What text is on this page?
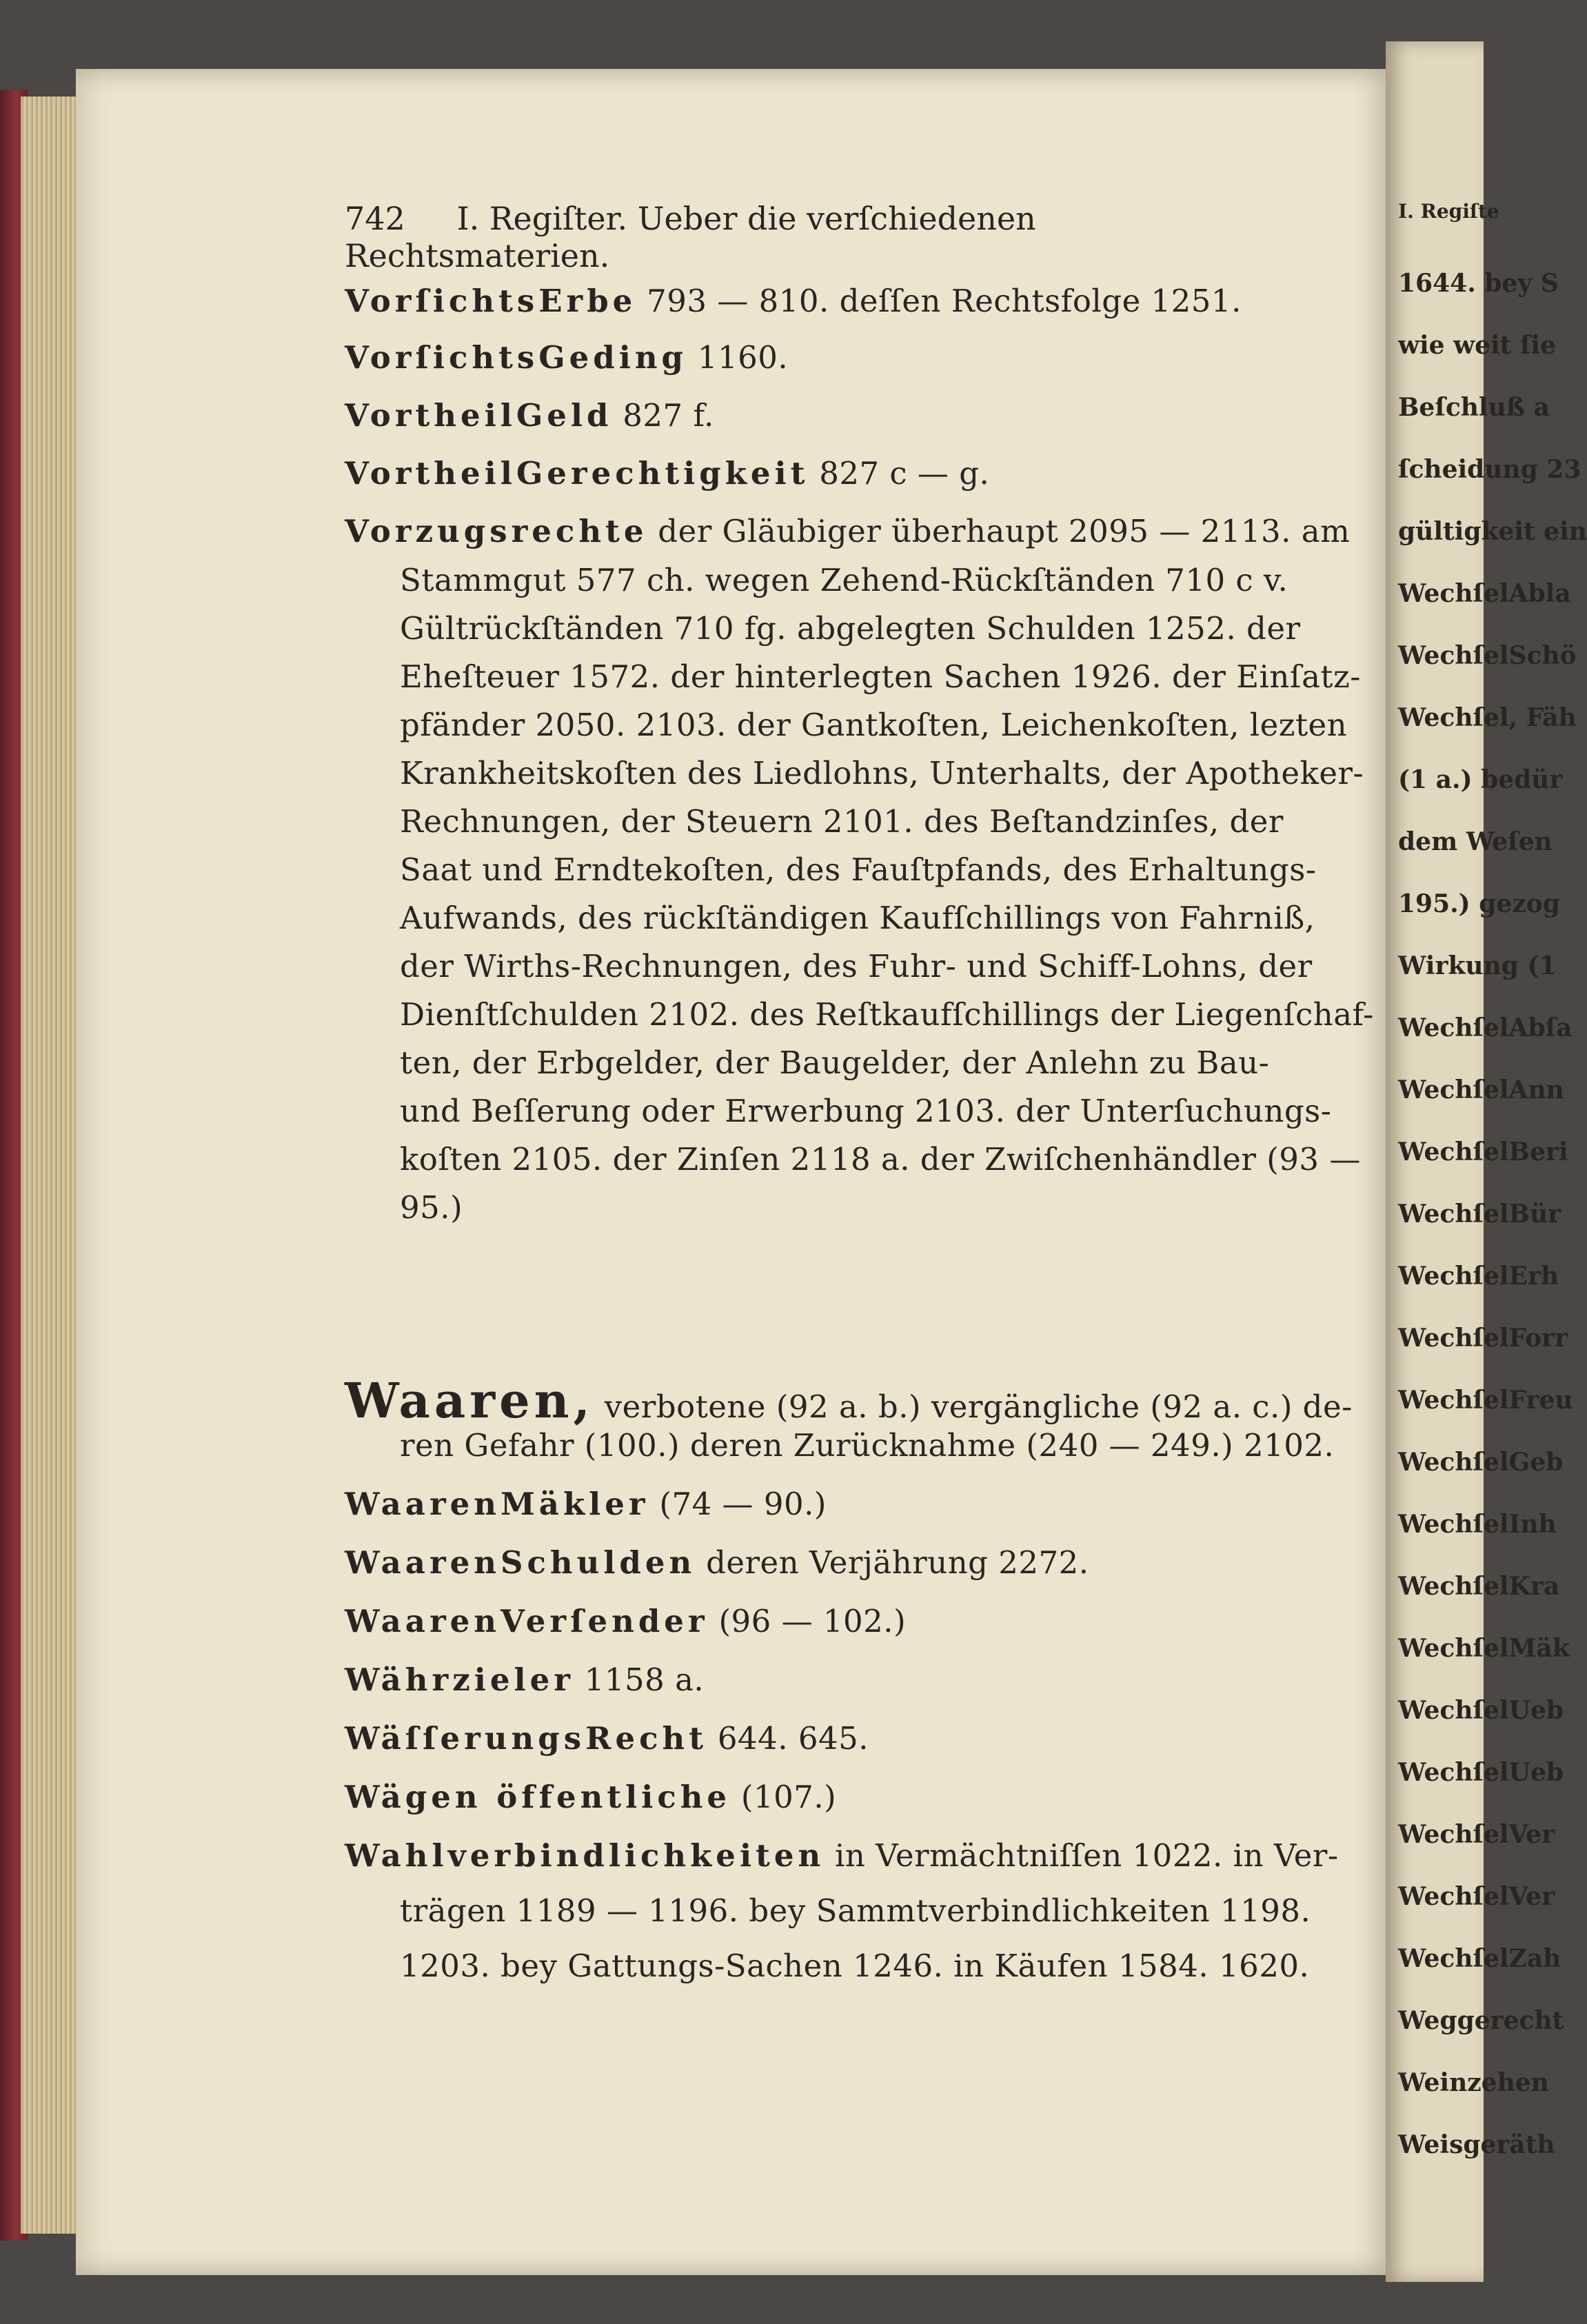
742 I. Regiſter. Ueber die verſchiedenen Rechtsmaterien.
VorſichtsErbe 793 — 810. deſſen Rechtsfolge 1251.
VorſichtsGeding 1160.
VortheilGeld 827 f.
VortheilGerechtigkeit 827 c — g.
Vorzugsrechte der Gläubiger überhaupt 2095 — 2113. am
Stammgut 577 ch. wegen Zehend-Rückſtänden 710 c v.
Gültrückſtänden 710 fg. abgelegten Schulden 1252. der
Eheſteuer 1572. der hinterlegten Sachen 1926. der Einſatz-
pfänder 2050. 2103. der Gantkoſten, Leichenkoſten, lezten
Krankheitskoſten des Liedlohns, Unterhalts, der Apotheker-
Rechnungen, der Steuern 2101. des Beſtandzinſes, der
Saat und Erndtekoſten, des Fauſtpfands, des Erhaltungs-
Aufwands, des rückſtändigen Kaufſchillings von Fahrniß,
der Wirths-Rechnungen, des Fuhr- und Schiff-Lohns, der
Dienſtſchulden 2102. des Reſtkaufſchillings der Liegenſchaf-
ten, der Erbgelder, der Baugelder, der Anlehn zu Bau-
und Beſſerung oder Erwerbung 2103. der Unterſuchungs-
koſten 2105. der Zinſen 2118 a. der Zwiſchenhändler (93 —
95.)
Waaren, verbotene (92 a. b.) vergängliche (92 a. c.) de-
ren Gefahr (100.) deren Zurücknahme (240 — 249.) 2102.
WaarenMäkler (74 — 90.)
WaarenSchulden deren Verjährung 2272.
WaarenVerſender (96 — 102.)
Währzieler 1158 a.
WäſſerungsRecht 644. 645.
Wägen öffentliche (107.)
Wahlverbindlichkeiten in Vermächtniſſen 1022. in Ver-
trägen 1189 — 1196. bey Sammtverbindlichkeiten 1198.
1203. bey Gattungs-Sachen 1246. in Käufen 1584. 1620.
I. Regiſte
1644. bey S
wie weit ſie
Beſchluß a
ſcheidung 23
gültigkeit ein
WechſelAbla
WechſelSchö
Wechſel, Fäh
(1 a.) bedür
dem Weſen
195.) gezog
Wirkung (1
WechſelAbſa
WechſelAnn
WechſelBeri
WechſelBür
WechſelErh
WechſelForr
WechſelFreu
WechſelGeb
WechſelInh
WechſelKra
WechſelMäk
WechſelUeb
WechſelUeb
WechſelVer
WechſelVer
WechſelZah
Weggerecht
Weinzehen
Weisgeräth
